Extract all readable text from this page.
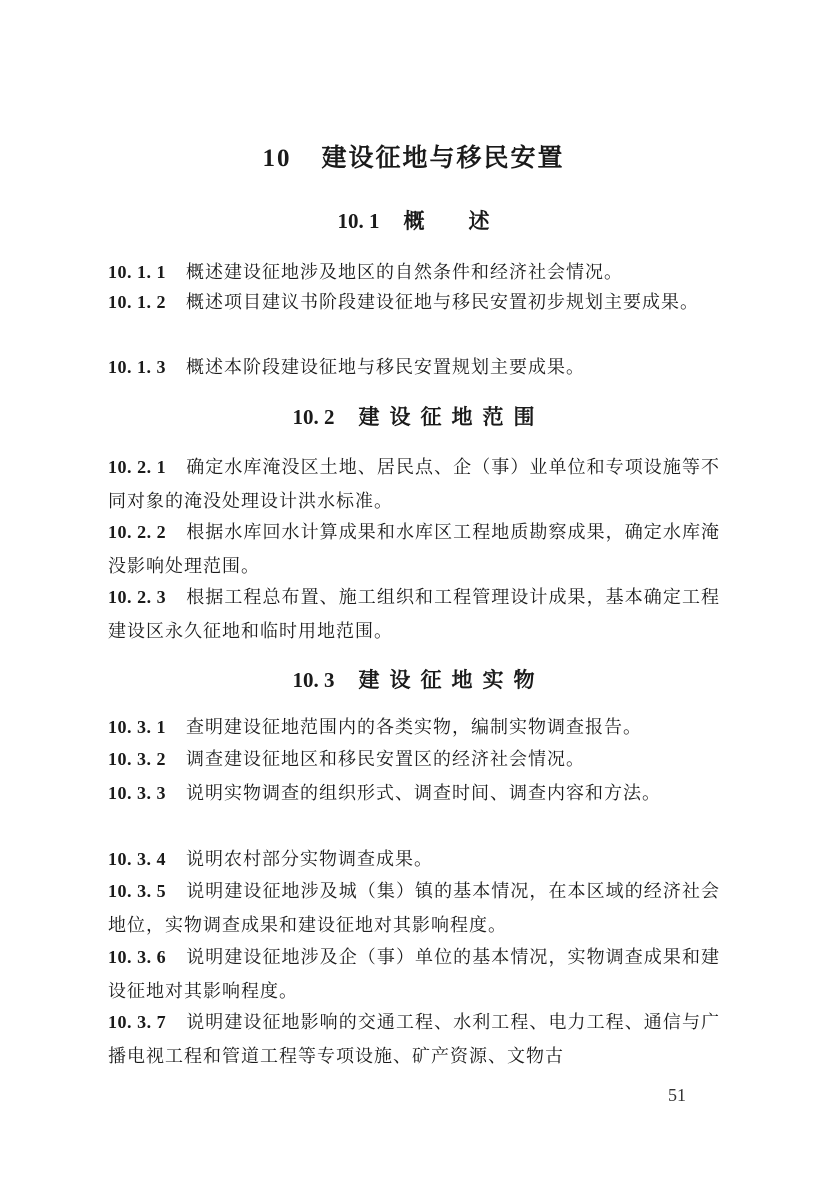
10 建设征地与移民安置
10. 1 概述
10. 1. 1 概述建设征地涉及地区的自然条件和经济社会情况。
10. 1. 2 概述项目建议书阶段建设征地与移民安置初步规划主要成果。
10. 1. 3 概述本阶段建设征地与移民安置规划主要成果。
10. 2 建设征地范围
10. 2. 1 确定水库淹没区土地、居民点、企（事）业单位和专项设施等不同对象的淹没处理设计洪水标准。
10. 2. 2 根据水库回水计算成果和水库区工程地质勘察成果，确定水库淹没影响处理范围。
10. 2. 3 根据工程总布置、施工组织和工程管理设计成果，基本确定工程建设区永久征地和临时用地范围。
10. 3 建设征地实物
10. 3. 1 查明建设征地范围内的各类实物，编制实物调查报告。
10. 3. 2 调查建设征地区和移民安置区的经济社会情况。
10. 3. 3 说明实物调查的组织形式、调查时间、调查内容和方法。
10. 3. 4 说明农村部分实物调查成果。
10. 3. 5 说明建设征地涉及城（集）镇的基本情况，在本区域的经济社会地位，实物调查成果和建设征地对其影响程度。
10. 3. 6 说明建设征地涉及企（事）单位的基本情况，实物调查成果和建设征地对其影响程度。
10. 3. 7 说明建设征地影响的交通工程、水利工程、电力工程、通信与广播电视工程和管道工程等专项设施、矿产资源、文物古
51
